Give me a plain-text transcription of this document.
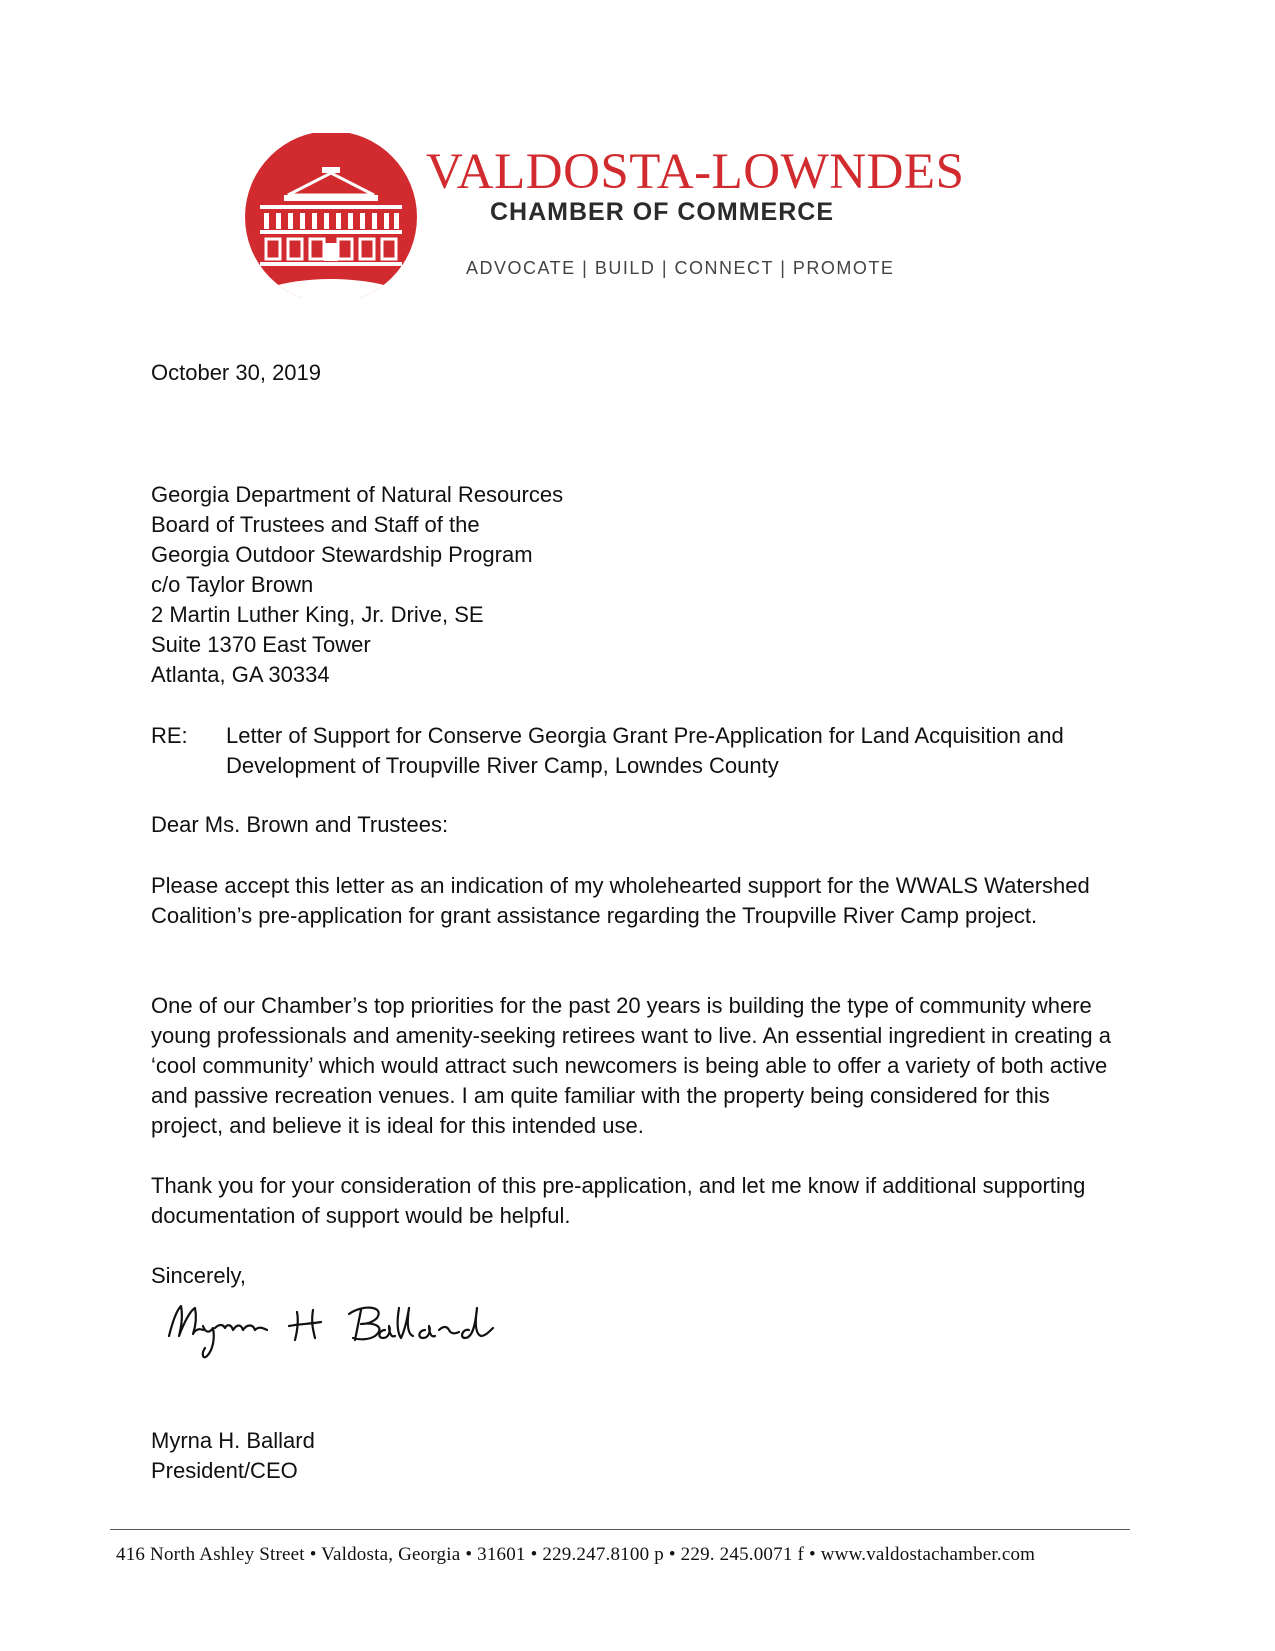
VALDOSTA-LOWNDES
CHAMBER OF COMMERCE
ADVOCATE | BUILD | CONNECT | PROMOTE
October 30, 2019
Georgia Department of Natural Resources
Board of Trustees and Staff of the
Georgia Outdoor Stewardship Program
c/o Taylor Brown
2 Martin Luther King, Jr. Drive, SE
Suite 1370 East Tower
Atlanta, GA 30334
RE: Letter of Support for Conserve Georgia Grant Pre-Application for Land Acquisition and Development of Troupville River Camp, Lowndes County
Dear Ms. Brown and Trustees:
Please accept this letter as an indication of my wholehearted support for the WWALS Watershed Coalition’s pre-application for grant assistance regarding the Troupville River Camp project.
One of our Chamber’s top priorities for the past 20 years is building the type of community where young professionals and amenity-seeking retirees want to live. An essential ingredient in creating a ‘cool community’ which would attract such newcomers is being able to offer a variety of both active and passive recreation venues. I am quite familiar with the property being considered for this project, and believe it is ideal for this intended use.
Thank you for your consideration of this pre-application, and let me know if additional supporting documentation of support would be helpful.
Sincerely,
Myrna H. Ballard
President/CEO
416 North Ashley Street • Valdosta, Georgia • 31601 • 229.247.8100 p • 229. 245.0071 f • www.valdostachamber.com
